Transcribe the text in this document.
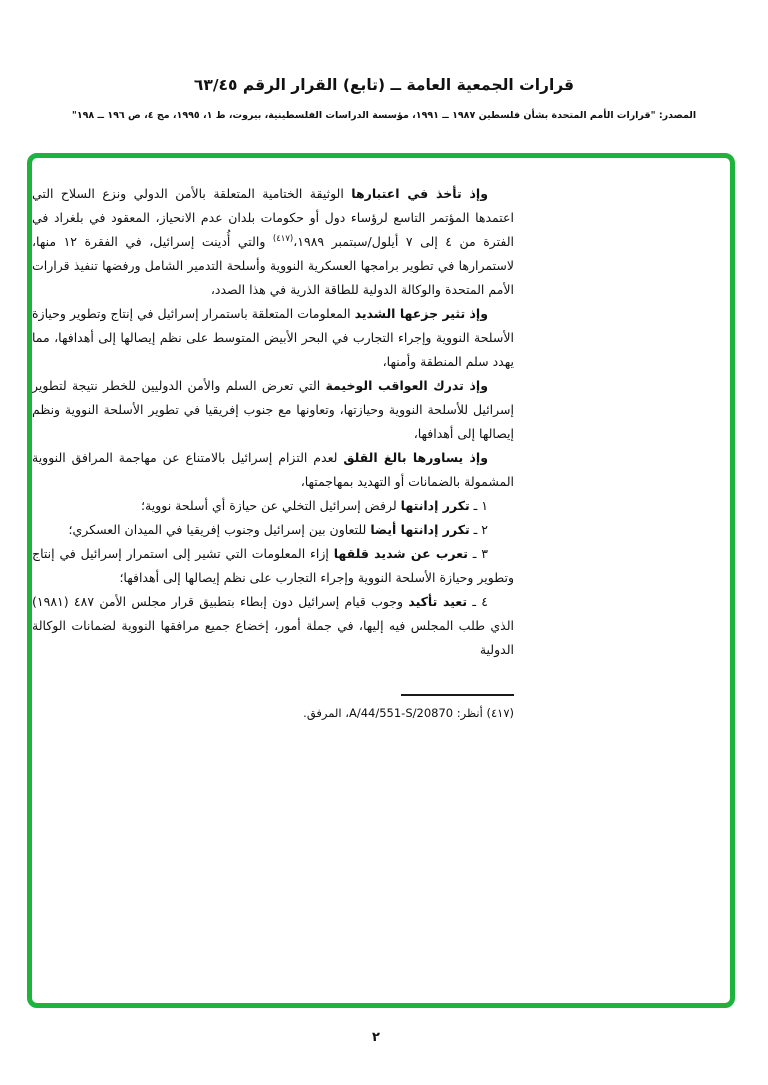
قرارات الجمعية العامة ــ (تابع) القرار الرقم ٦٣/٤٥
المصدر: "قرارات الأمم المتحدة بشأن فلسطين ١٩٨٧ ــ ١٩٩١، مؤسسة الدراسات الفلسطينية، بيروت، ط ١، ١٩٩٥، مج ٤، ص ١٩٦ ــ ١٩٨"

وإذ تأخذ في اعتبارها الوثيقة الختامية المتعلقة بالأمن الدولي ونزع السلاح التي اعتمدها المؤتمر التاسع لرؤساء دول أو حكومات بلدان عدم الانحياز، المعقود في بلغراد في الفترة من ٤ إلى ٧ أيلول/سبتمبر ١٩٨٩،$^{(٤١٧)}$ والتي أُدينت إسرائيل، في الفقرة ١٢ منها، لاستمرارها في تطوير برامجها العسكرية النووية وأسلحة التدمير الشامل ورفضها تنفيذ قرارات الأمم المتحدة والوكالة الدولية للطاقة الذرية في هذا الصدد،

وإذ تثير جزعها الشديد المعلومات المتعلقة باستمرار إسرائيل في إنتاج وتطوير وحيازة الأسلحة النووية وإجراء التجارب في البحر الأبيض المتوسط على نظم إيصالها إلى أهدافها، مما يهدد سلم المنطقة وأمنها،

وإذ تدرك العواقب الوخيمة التي تعرض السلم والأمن الدوليين للخطر نتيجة لتطوير إسرائيل للأسلحة النووية وحيازتها، وتعاونها مع جنوب إفريقيا في تطوير الأسلحة النووية ونظم إيصالها إلى أهدافها،

وإذ يساورها بالغ القلق لعدم التزام إسرائيل بالامتناع عن مهاجمة المرافق النووية المشمولة بالضمانات أو التهديد بمهاجمتها،

١ ـ تكرر إدانتها لرفض إسرائيل التخلي عن حيازة أي أسلحة نووية؛

٢ ـ تكرر إدانتها أيضا للتعاون بين إسرائيل وجنوب إفريقيا في الميدان العسكري؛

٣ ـ تعرب عن شديد قلقها إزاء المعلومات التي تشير إلى استمرار إسرائيل في إنتاج وتطوير وحيازة الأسلحة النووية وإجراء التجارب على نظم إيصالها إلى أهدافها؛

٤ ـ تعيد تأكيد وجوب قيام إسرائيل دون إبطاء بتطبيق قرار مجلس الأمن ٤٨٧ (١٩٨١) الذي طلب المجلس فيه إليها، في جملة أمور، إخضاع جميع مرافقها النووية لضمانات الوكالة الدولية

(٤١٧) أنظر: A/44/551-S/20870، المرفق.

٢
